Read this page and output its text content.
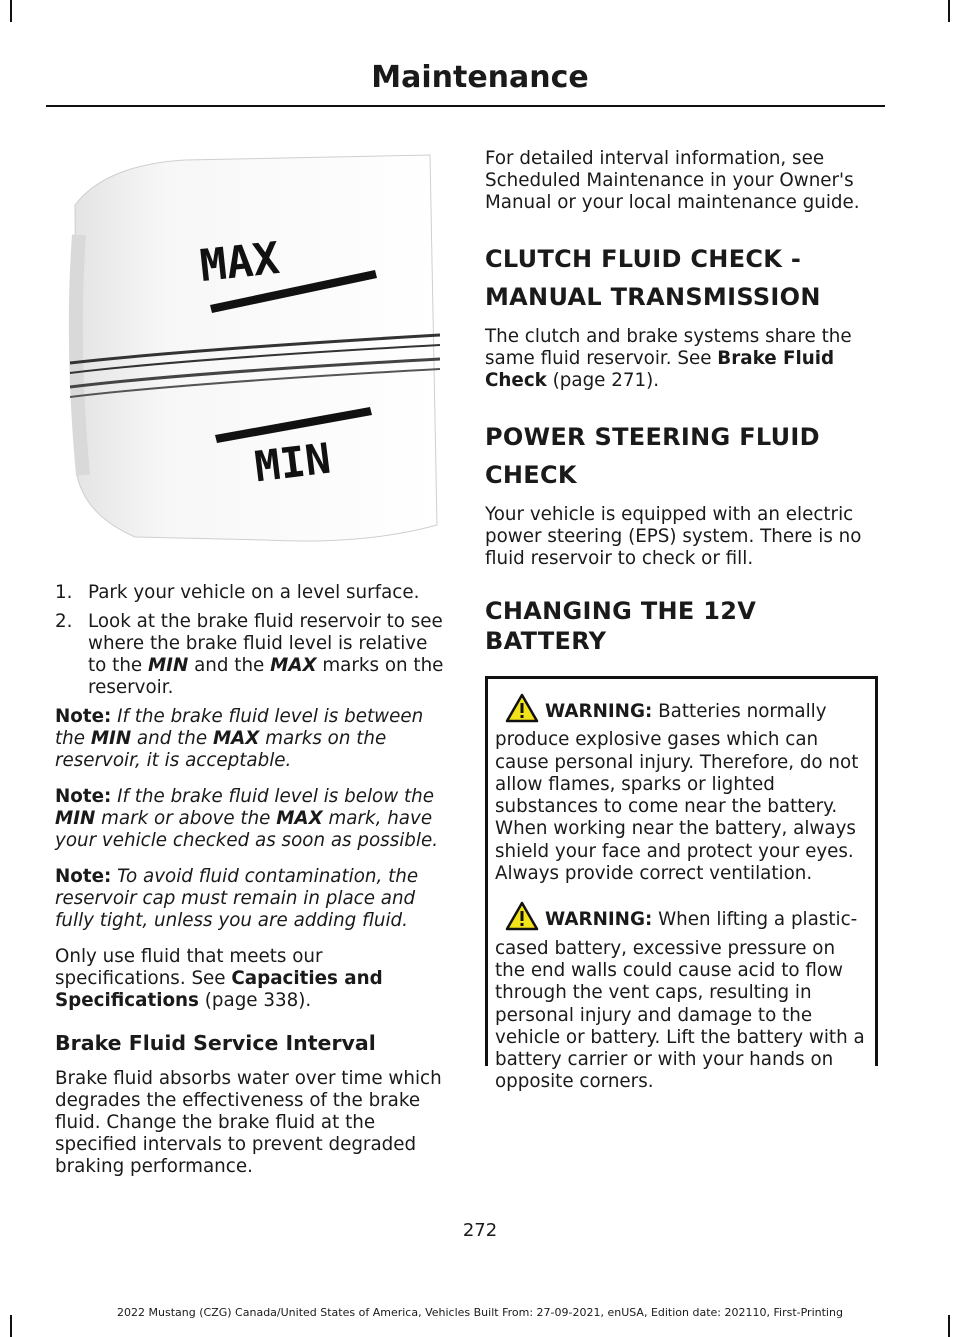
Maintenance
MAX
MIN
1. Park your vehicle on a level surface.
2. Look at the brake fluid reservoir to see where the brake fluid level is relative to the MIN and the MAX marks on the reservoir.

Note: If the brake fluid level is between the MIN and the MAX marks on the reservoir, it is acceptable.

Note: If the brake fluid level is below the MIN mark or above the MAX mark, have your vehicle checked as soon as possible.

Note: To avoid fluid contamination, the reservoir cap must remain in place and fully tight, unless you are adding fluid.

Only use fluid that meets our specifications. See Capacities and Specifications (page 338).

Brake Fluid Service Interval

Brake fluid absorbs water over time which degrades the effectiveness of the brake fluid. Change the brake fluid at the specified intervals to prevent degraded braking performance.

For detailed interval information, see Scheduled Maintenance in your Owner's Manual or your local maintenance guide.

CLUTCH FLUID CHECK -
MANUAL TRANSMISSION

The clutch and brake systems share the same fluid reservoir. See Brake Fluid Check (page 271).

POWER STEERING FLUID
CHECK

Your vehicle is equipped with an electric power steering (EPS) system. There is no fluid reservoir to check or fill.

CHANGING THE 12V BATTERY

WARNING: Batteries normally produce explosive gases which can cause personal injury. Therefore, do not allow flames, sparks or lighted substances to come near the battery. When working near the battery, always shield your face and protect your eyes. Always provide correct ventilation.

WARNING: When lifting a plastic-cased battery, excessive pressure on the end walls could cause acid to flow through the vent caps, resulting in personal injury and damage to the vehicle or battery. Lift the battery with a battery carrier or with your hands on opposite corners.

272
2022 Mustang (CZG) Canada/United States of America, Vehicles Built From: 27-09-2021, enUSA, Edition date: 202110, First-Printing
